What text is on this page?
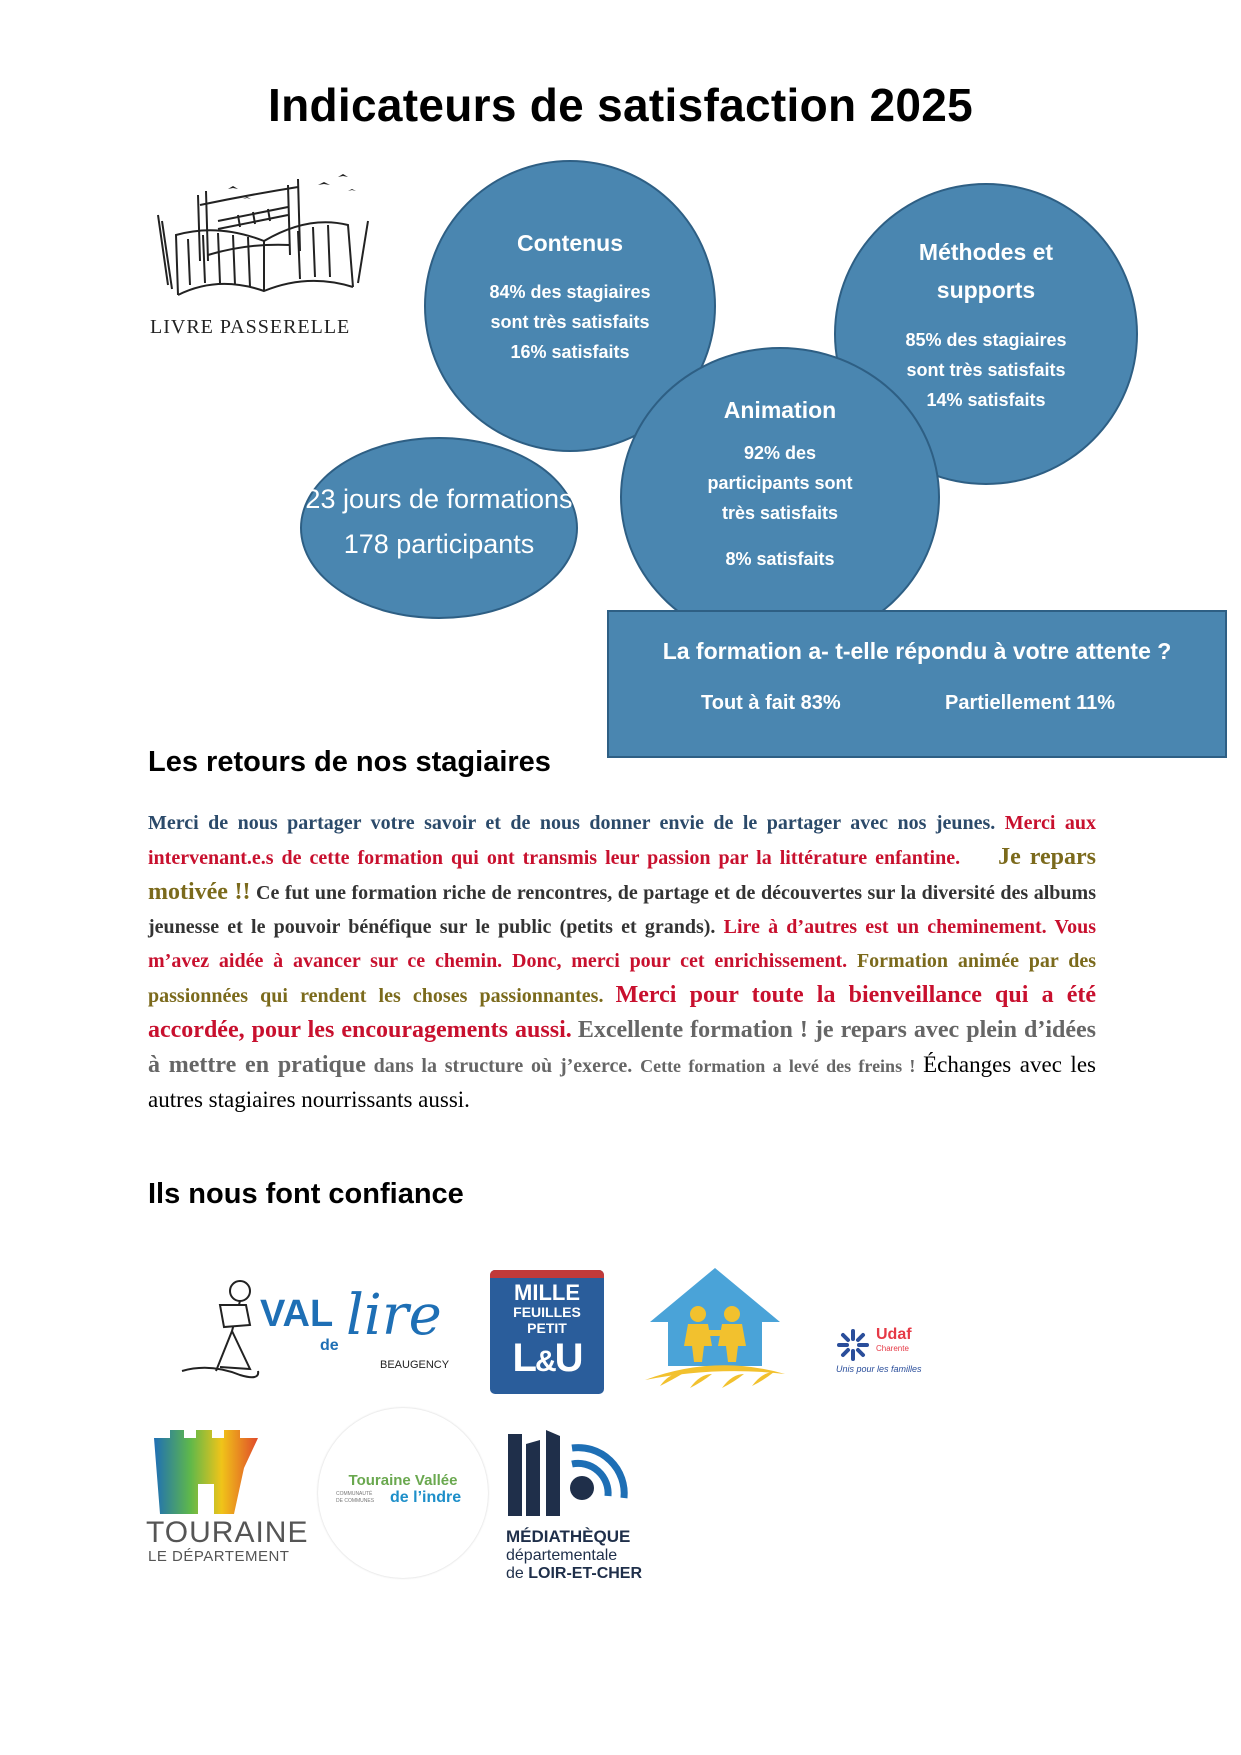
Indicateurs de satisfaction 2025
LIVRE PASSERELLE
23 jours de formations
178 participants
Contenus
84% des stagiaires
sont très satisfaits
16% satisfaits
Méthodes et
supports
85% des stagiaires
sont très satisfaits
14% satisfaits
Animation
92% des
participants sont
très satisfaits
8% satisfaits
La formation a- t-elle répondu à votre attente ?
Tout à fait 83%	Partiellement 11%
Les retours de nos stagiaires
Merci de nous partager votre savoir et de nous donner envie de le partager avec nos jeunes. Merci aux intervenant.e.s de cette formation qui ont transmis leur passion par la littérature enfantine. Je repars motivée !! Ce fut une formation riche de rencontres, de partage et de découvertes sur la diversité des albums jeunesse et le pouvoir bénéfique sur le public (petits et grands). Lire à d’autres est un cheminement. Vous m’avez aidée à avancer sur ce chemin. Donc, merci pour cet enrichissement. Formation animée par des passionnées qui rendent les choses passionnantes. Merci pour toute la bienveillance qui a été accordée, pour les encouragements aussi. Excellente formation ! je repars avec plein d’idées à mettre en pratique dans la structure où j’exerce. Cette formation a levé des freins ! Échanges avec les autres stagiaires nourrissants aussi.
Ils nous font confiance
VAL
de lire
BEAUGENCY
MILLE
FEUILLES
PETIT
L&U
Udaf
Charente
Unis pour les familles
TOURAINE
LE DÉPARTEMENT
Touraine Vallée
COMMUNAUTÉ
DE COMMUNES de l’indre
MÉDIATHÈQUE
départementale
de LOIR-ET-CHER
